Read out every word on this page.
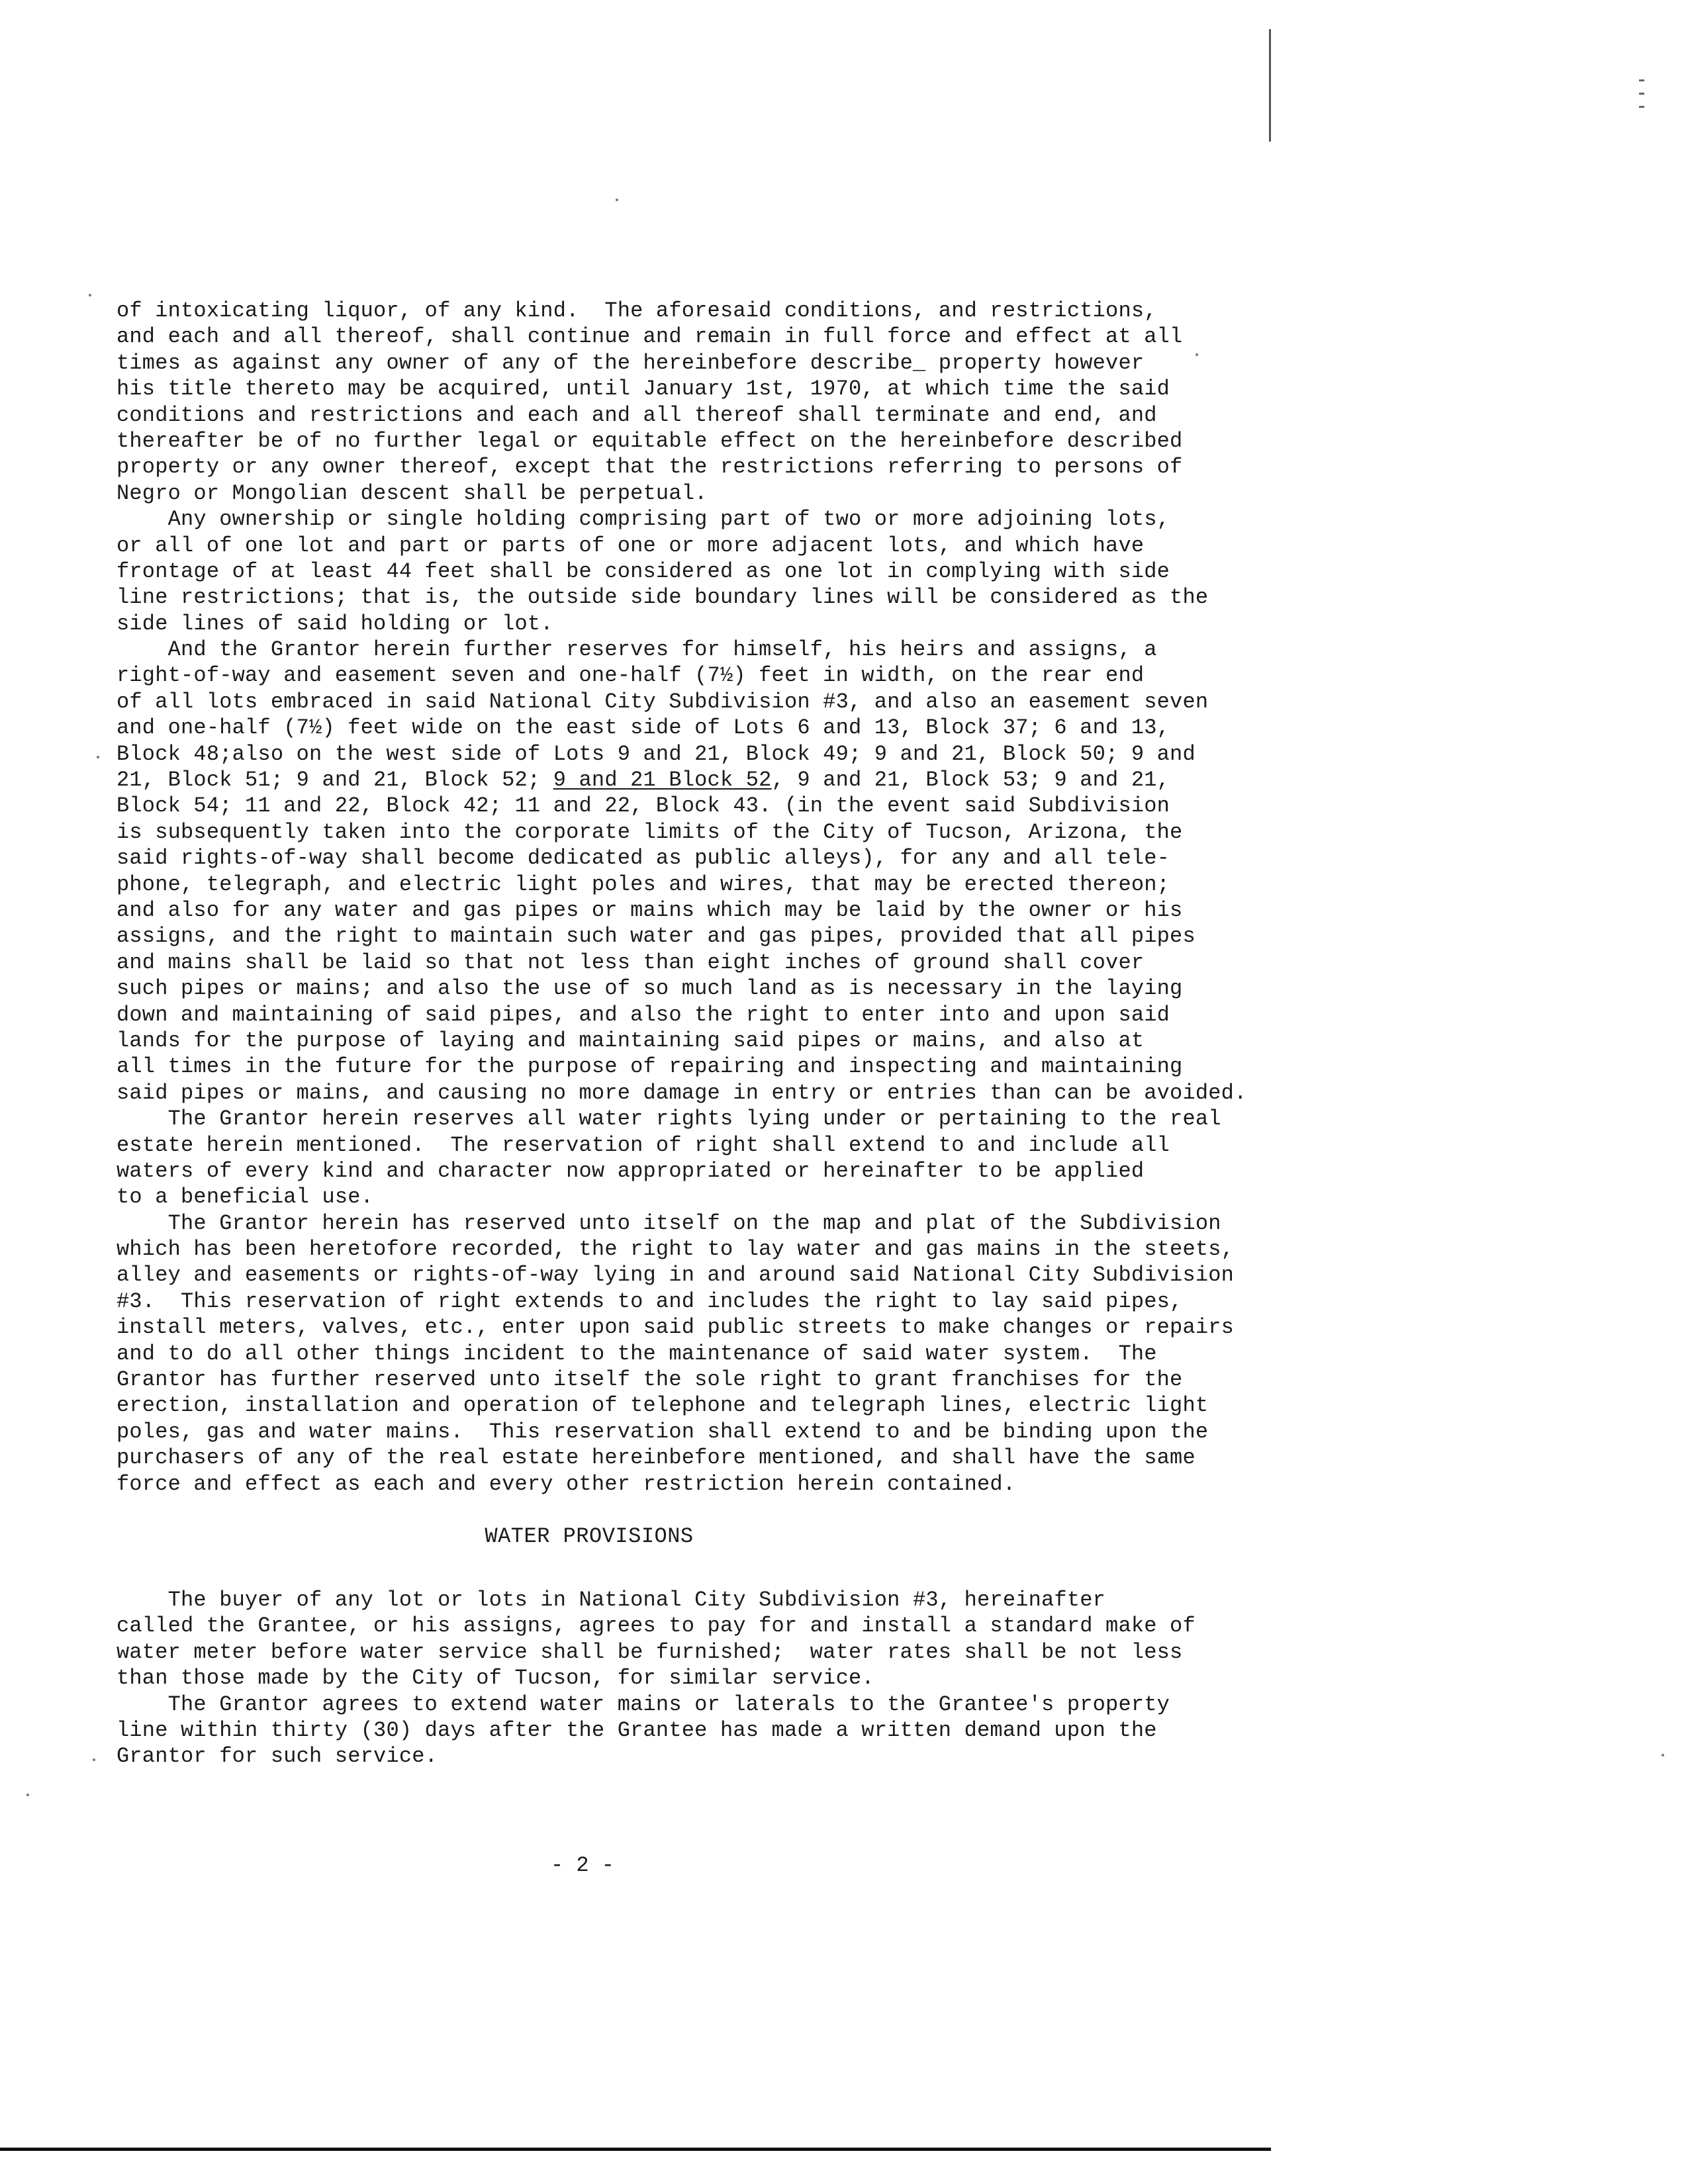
of intoxicating liquor, of any kind.  The aforesaid conditions, and restrictions,
and each and all thereof, shall continue and remain in full force and effect at all
times as against any owner of any of the hereinbefore describe_ property however
his title thereto may be acquired, until January 1st, 1970, at which time the said
conditions and restrictions and each and all thereof shall terminate and end, and
thereafter be of no further legal or equitable effect on the hereinbefore described
property or any owner thereof, except that the restrictions referring to persons of
Negro or Mongolian descent shall be perpetual.
Any ownership or single holding comprising part of two or more adjoining lots,
or all of one lot and part or parts of one or more adjacent lots, and which have
frontage of at least 44 feet shall be considered as one lot in complying with side
line restrictions; that is, the outside side boundary lines will be considered as the
side lines of said holding or lot.
And the Grantor herein further reserves for himself, his heirs and assigns, a
right-of-way and easement seven and one-half (7½) feet in width, on the rear end
of all lots embraced in said National City Subdivision #3, and also an easement seven
and one-half (7½) feet wide on the east side of Lots 6 and 13, Block 37; 6 and 13,
Block 48;also on the west side of Lots 9 and 21, Block 49; 9 and 21, Block 50; 9 and
21, Block 51; 9 and 21, Block 52; 9 and 21 Block 52, 9 and 21, Block 53; 9 and 21,
Block 54; 11 and 22, Block 42; 11 and 22, Block 43. (in the event said Subdivision
is subsequently taken into the corporate limits of the City of Tucson, Arizona, the
said rights-of-way shall become dedicated as public alleys), for any and all tele-
phone, telegraph, and electric light poles and wires, that may be erected thereon;
and also for any water and gas pipes or mains which may be laid by the owner or his
assigns, and the right to maintain such water and gas pipes, provided that all pipes
and mains shall be laid so that not less than eight inches of ground shall cover
such pipes or mains; and also the use of so much land as is necessary in the laying
down and maintaining of said pipes, and also the right to enter into and upon said
lands for the purpose of laying and maintaining said pipes or mains, and also at
all times in the future for the purpose of repairing and inspecting and maintaining
said pipes or mains, and causing no more damage in entry or entries than can be avoided.
The Grantor herein reserves all water rights lying under or pertaining to the real
estate herein mentioned.  The reservation of right shall extend to and include all
waters of every kind and character now appropriated or hereinafter to be applied
to a beneficial use.
The Grantor herein has reserved unto itself on the map and plat of the Subdivision
which has been heretofore recorded, the right to lay water and gas mains in the steets,
alley and easements or rights-of-way lying in and around said National City Subdivision
#3.  This reservation of right extends to and includes the right to lay said pipes,
install meters, valves, etc., enter upon said public streets to make changes or repairs
and to do all other things incident to the maintenance of said water system.  The
Grantor has further reserved unto itself the sole right to grant franchises for the
erection, installation and operation of telephone and telegraph lines, electric light
poles, gas and water mains.  This reservation shall extend to and be binding upon the
purchasers of any of the real estate hereinbefore mentioned, and shall have the same
force and effect as each and every other restriction herein contained.
WATER PROVISIONS
The buyer of any lot or lots in National City Subdivision #3, hereinafter
called the Grantee, or his assigns, agrees to pay for and install a standard make of
water meter before water service shall be furnished;  water rates shall be not less
than those made by the City of Tucson, for similar service.
The Grantor agrees to extend water mains or laterals to the Grantee's property
line within thirty (30) days after the Grantee has made a written demand upon the
Grantor for such service.
- 2 -
